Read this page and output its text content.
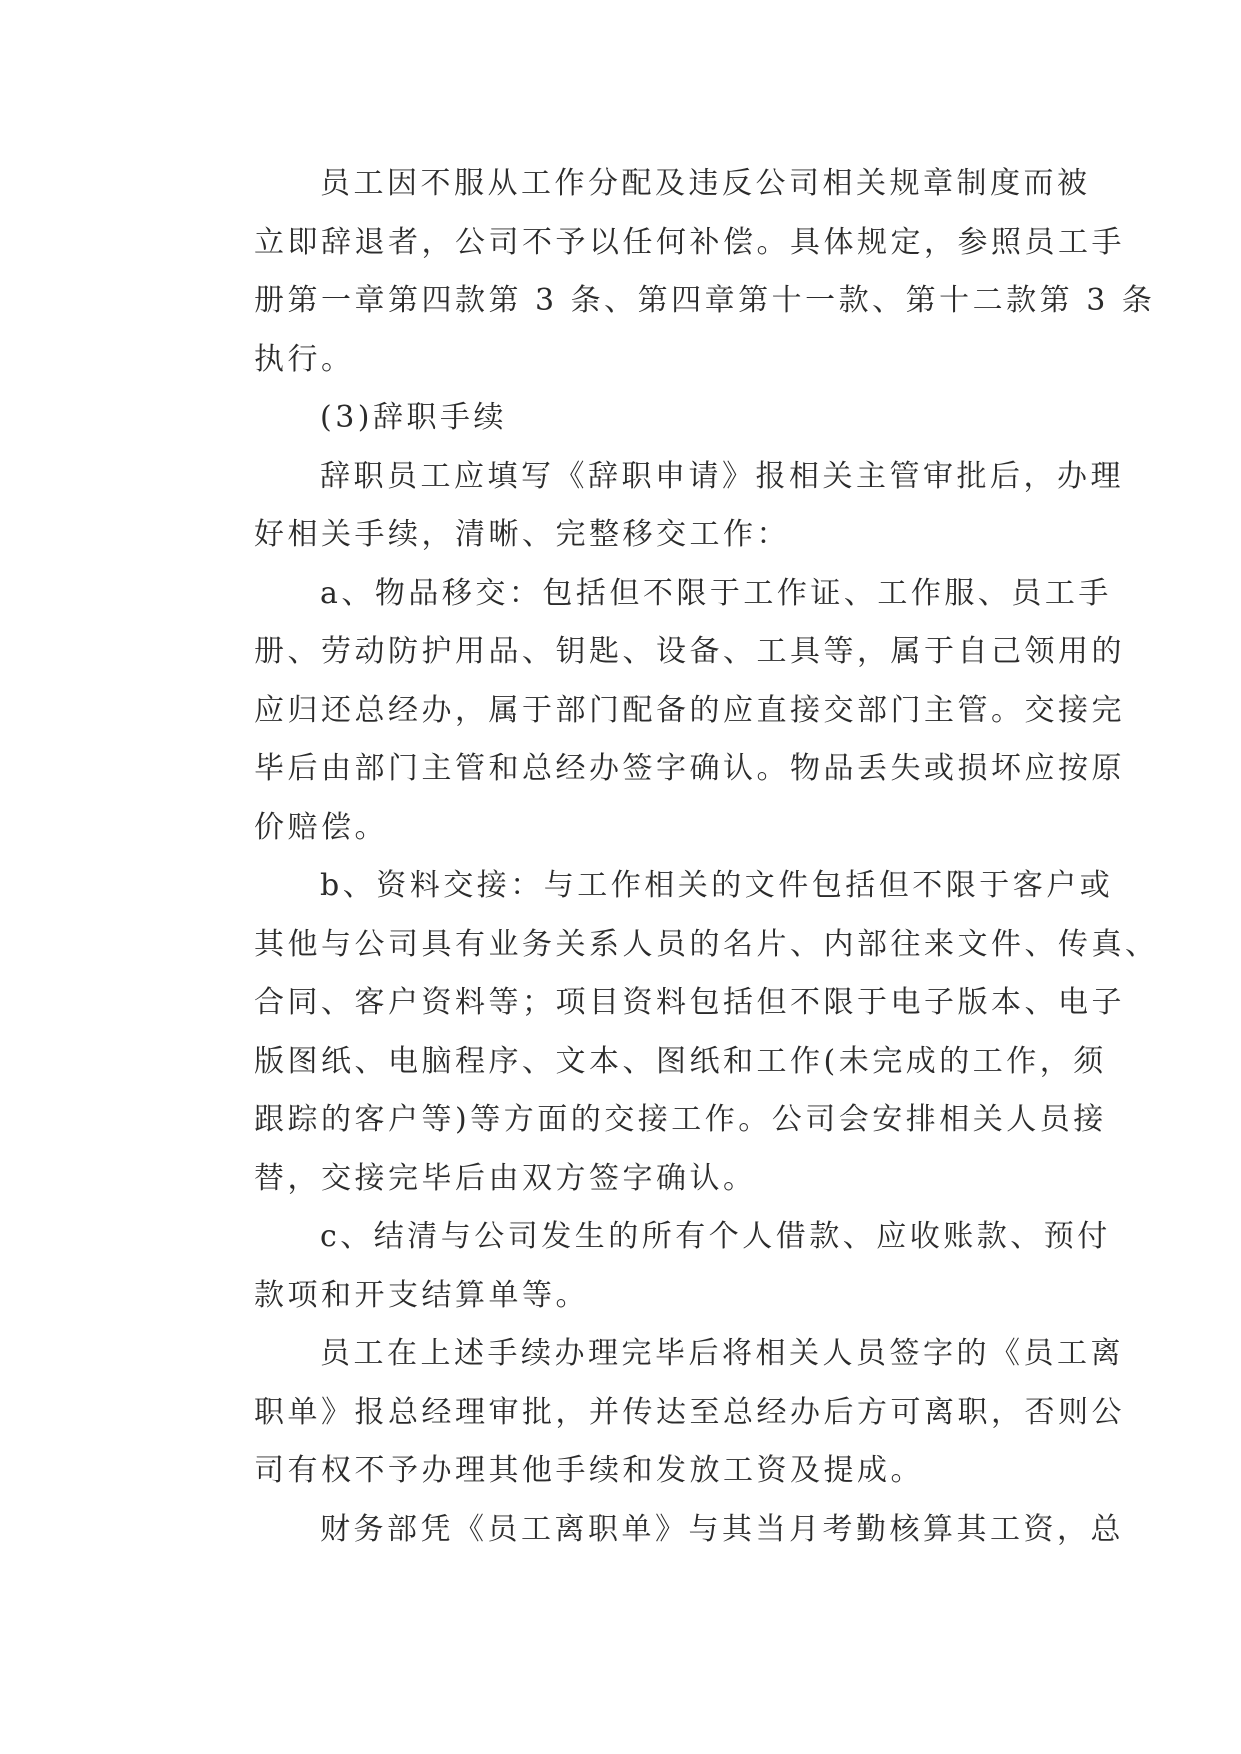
员工因不服从工作分配及违反公司相关规章制度而被
立即辞退者，公司不予以任何补偿。具体规定，参照员工手
册第一章第四款第 3 条、第四章第十一款、第十二款第 3 条
执行。
(3)辞职手续
辞职员工应填写《辞职申请》报相关主管审批后，办理
好相关手续，清晰、完整移交工作：
a、物品移交：包括但不限于工作证、工作服、员工手
册、劳动防护用品、钥匙、设备、工具等，属于自己领用的
应归还总经办，属于部门配备的应直接交部门主管。交接完
毕后由部门主管和总经办签字确认。物品丢失或损坏应按原
价赔偿。
b、资料交接：与工作相关的文件包括但不限于客户或
其他与公司具有业务关系人员的名片、内部往来文件、传真、
合同、客户资料等；项目资料包括但不限于电子版本、电子
版图纸、电脑程序、文本、图纸和工作(未完成的工作，须
跟踪的客户等)等方面的交接工作。公司会安排相关人员接
替，交接完毕后由双方签字确认。
c、结清与公司发生的所有个人借款、应收账款、预付
款项和开支结算单等。
员工在上述手续办理完毕后将相关人员签字的《员工离
职单》报总经理审批，并传达至总经办后方可离职，否则公
司有权不予办理其他手续和发放工资及提成。
财务部凭《员工离职单》与其当月考勤核算其工资，总
